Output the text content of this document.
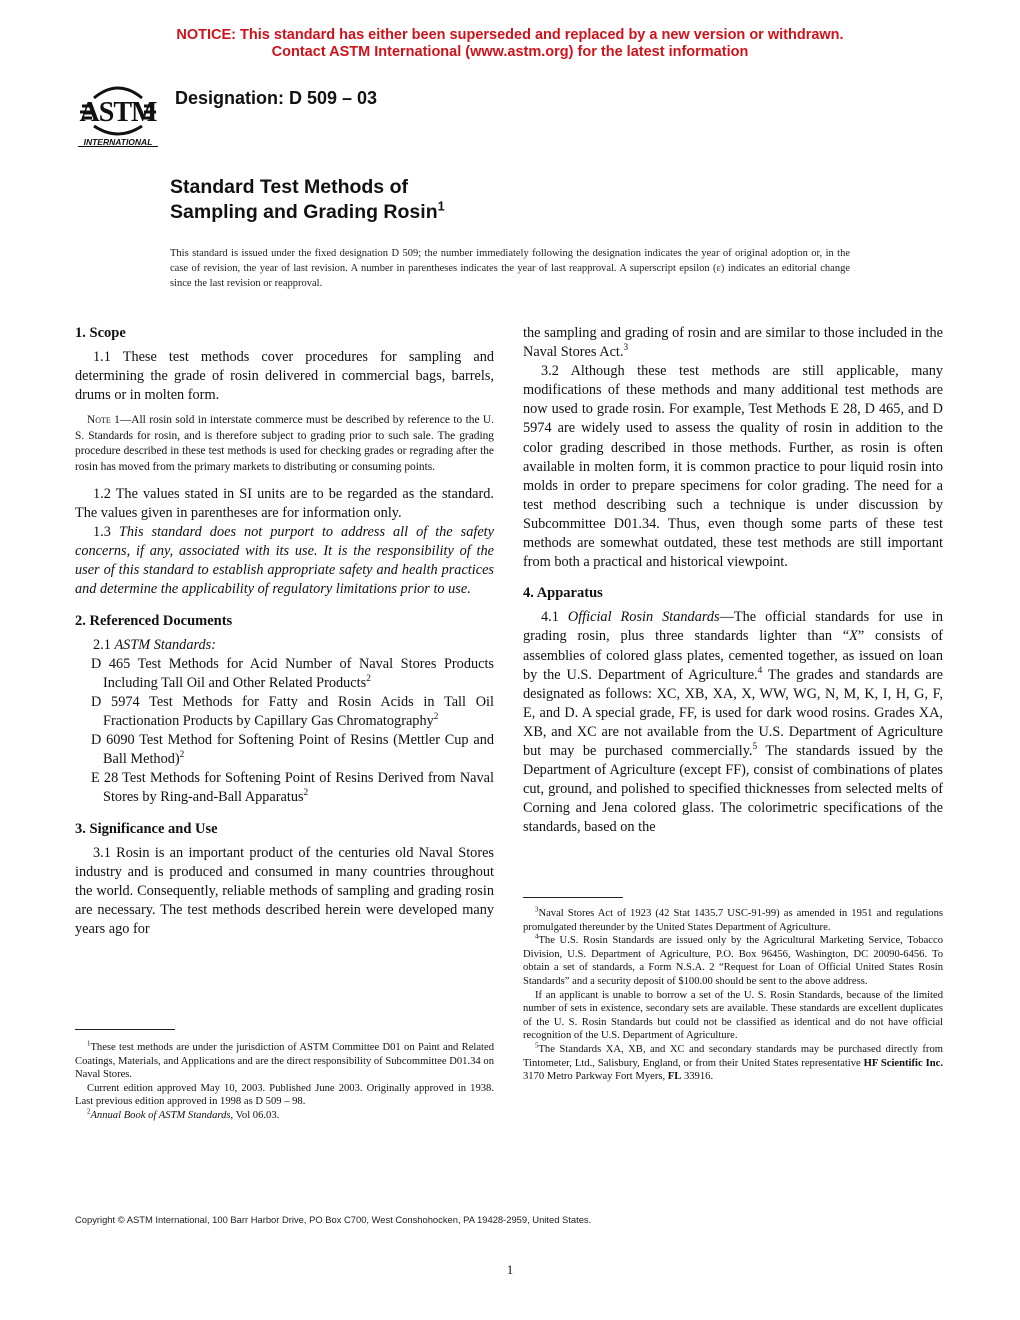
NOTICE: This standard has either been superseded and replaced by a new version or withdrawn.
Contact ASTM International (www.astm.org) for the latest information
ASTM
INTERNATIONAL
Designation: D 509 – 03
Standard Test Methods of
Sampling and Grading Rosin$^1$
This standard is issued under the fixed designation D 509; the number immediately following the designation indicates the year of original adoption or, in the case of revision, the year of last revision. A number in parentheses indicates the year of last reapproval. A superscript epsilon (ε) indicates an editorial change since the last revision or reapproval.
1. Scope

1.1 These test methods cover procedures for sampling and determining the grade of rosin delivered in commercial bags, barrels, drums or in molten form.

Note 1—All rosin sold in interstate commerce must be described by reference to the U. S. Standards for rosin, and is therefore subject to grading prior to such sale. The grading procedure described in these test methods is used for checking grades or regrading after the rosin has moved from the primary markets to distributing or consuming points.

1.2 The values stated in SI units are to be regarded as the standard. The values given in parentheses are for information only.

1.3 This standard does not purport to address all of the safety concerns, if any, associated with its use. It is the responsibility of the user of this standard to establish appropriate safety and health practices and determine the applicability of regulatory limitations prior to use.

2. Referenced Documents

2.1 ASTM Standards:

D 465 Test Methods for Acid Number of Naval Stores Products Including Tall Oil and Other Related Products$^2$

D 5974 Test Methods for Fatty and Rosin Acids in Tall Oil Fractionation Products by Capillary Gas Chromatography$^2$

D 6090 Test Method for Softening Point of Resins (Mettler Cup and Ball Method)$^2$

E 28 Test Methods for Softening Point of Resins Derived from Naval Stores by Ring-and-Ball Apparatus$^2$

3. Significance and Use

3.1 Rosin is an important product of the centuries old Naval Stores industry and is produced and consumed in many countries throughout the world. Consequently, reliable methods of sampling and grading rosin are necessary. The test methods described herein were developed many years ago for

$^1$These test methods are under the jurisdiction of ASTM Committee D01 on Paint and Related Coatings, Materials, and Applications and are the direct responsibility of Subcommittee D01.34 on Naval Stores.

Current edition approved May 10, 2003. Published June 2003. Originally approved in 1938. Last previous edition approved in 1998 as D 509 – 98.

$^2$Annual Book of ASTM Standards, Vol 06.03.

the sampling and grading of rosin and are similar to those included in the Naval Stores Act.$^3$

3.2 Although these test methods are still applicable, many modifications of these methods and many additional test methods are now used to grade rosin. For example, Test Methods E 28, D 465, and D 5974 are widely used to assess the quality of rosin in addition to the color grading described in those methods. Further, as rosin is often available in molten form, it is common practice to pour liquid rosin into molds in order to prepare specimens for color grading. The need for a test method describing such a technique is under discussion by Subcommittee D01.34. Thus, even though some parts of these test methods are somewhat outdated, these test methods are still important from both a practical and historical viewpoint.

4. Apparatus

4.1 Official Rosin Standards—The official standards for use in grading rosin, plus three standards lighter than “X” consists of assemblies of colored glass plates, cemented together, as issued on loan by the U.S. Department of Agriculture.$^4$ The grades and standards are designated as follows: XC, XB, XA, X, WW, WG, N, M, K, I, H, G, F, E, and D. A special grade, FF, is used for dark wood rosins. Grades XA, XB, and XC are not available from the U.S. Department of Agriculture but may be purchased commercially.$^5$ The standards issued by the Department of Agriculture (except FF), consist of combinations of plates cut, ground, and polished to specified thicknesses from selected melts of Corning and Jena colored glass. The colorimetric specifications of the standards, based on the

$^3$Naval Stores Act of 1923 (42 Stat 1435.7 USC-91-99) as amended in 1951 and regulations promulgated thereunder by the United States Department of Agriculture.

$^4$The U.S. Rosin Standards are issued only by the Agricultural Marketing Service, Tobacco Division, U.S. Department of Agriculture, P.O. Box 96456, Washington, DC 20090-6456. To obtain a set of standards, a Form N.S.A. 2 “Request for Loan of Official United States Rosin Standards” and a security deposit of $100.00 should be sent to the above address.

If an applicant is unable to borrow a set of the U. S. Rosin Standards, because of the limited number of sets in existence, secondary sets are available. These standards are excellent duplicates of the U. S. Rosin Standards but could not be classified as identical and do not have official recognition of the U.S. Department of Agriculture.

$^5$The Standards XA, XB, and XC and secondary standards may be purchased directly from Tintometer, Ltd., Salisbury, England, or from their United States representative HF Scientific Inc. 3170 Metro Parkway Fort Myers, FL 33916.

Copyright © ASTM International, 100 Barr Harbor Drive, PO Box C700, West Conshohocken, PA 19428-2959, United States.
1
